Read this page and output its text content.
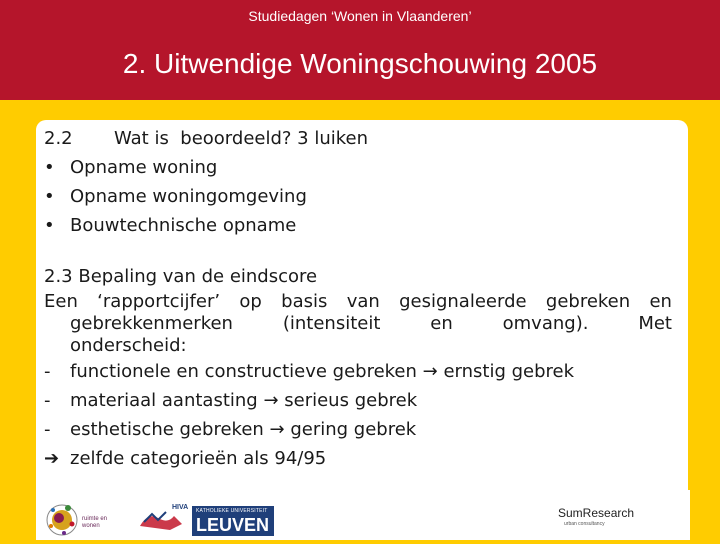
Studiedagen ‘Wonen in Vlaanderen’
2. Uitwendige Woningschouwing 2005
2.2 Wat is  beoordeeld? 3 luiken
• Opname woning
• Opname woningomgeving
• Bouwtechnische opname
2.3 Bepaling van de eindscore
Een ‘rapportcijfer’ op basis van gesignaleerde gebreken en
gebrekkenmerken	(intensiteit	en	omvang).	Met
onderscheid:
- functionele en constructieve gebreken → ernstig gebrek
- materiaal aantasting → serieus gebrek
- esthetische gebreken → gering gebrek
➔ zelfde categorieën als 94/95
ruimte en wonen
HIVA KATHOLIEKE UNIVERSITEIT
LEUVEN
SumResearch
urban consultancy
